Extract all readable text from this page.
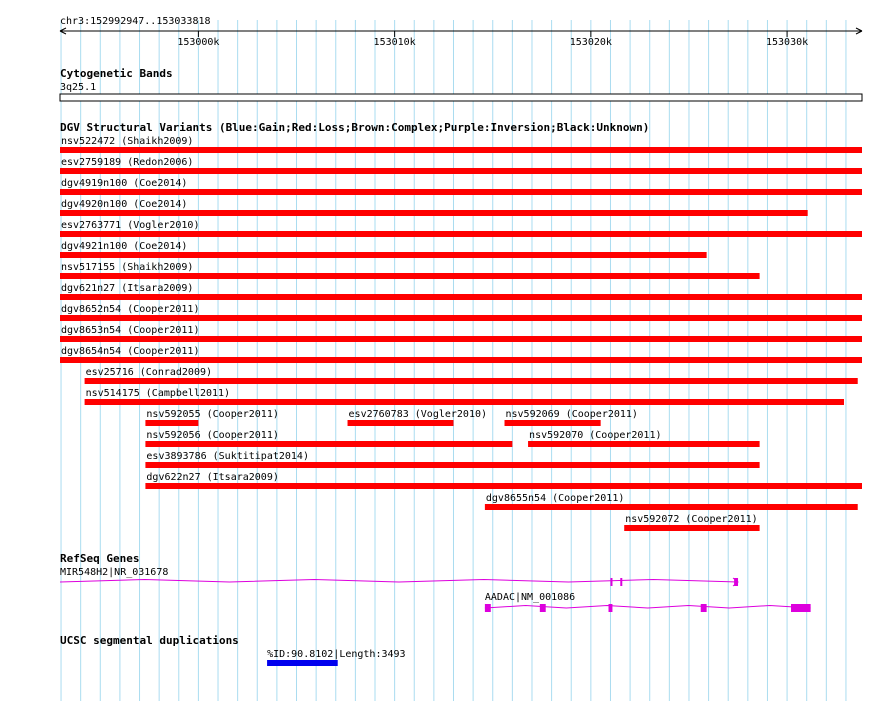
chr3:152992947..153033818
153000k	153010k	153020k	153030k
Cytogenetic Bands
3q25.1
DGV Structural Variants (Blue:Gain;Red:Loss;Brown:Complex;Purple:Inversion;Black:Unknown)
nsv522472 (Shaikh2009)
esv2759189 (Redon2006)
dgv4919n100 (Coe2014)
dgv4920n100 (Coe2014)
esv2763771 (Vogler2010)
dgv4921n100 (Coe2014)
nsv517155 (Shaikh2009)
dgv621n27 (Itsara2009)
dgv8652n54 (Cooper2011)
dgv8653n54 (Cooper2011)
dgv8654n54 (Cooper2011)
esv25716 (Conrad2009)
nsv514175 (Campbell2011)
nsv592055 (Cooper2011)	esv2760783 (Vogler2010) nsv592069 (Cooper2011)
nsv592056 (Cooper2011)	nsv592070 (Cooper2011)
esv3893786 (Suktitipat2014)
dgv622n27 (Itsara2009)
dgv8655n54 (Cooper2011)
nsv592072 (Cooper2011)
RefSeq Genes
MIR548H2|NR_031678
AADAC|NM_001086
UCSC segmental duplications
%ID:90.8102|Length:3493
